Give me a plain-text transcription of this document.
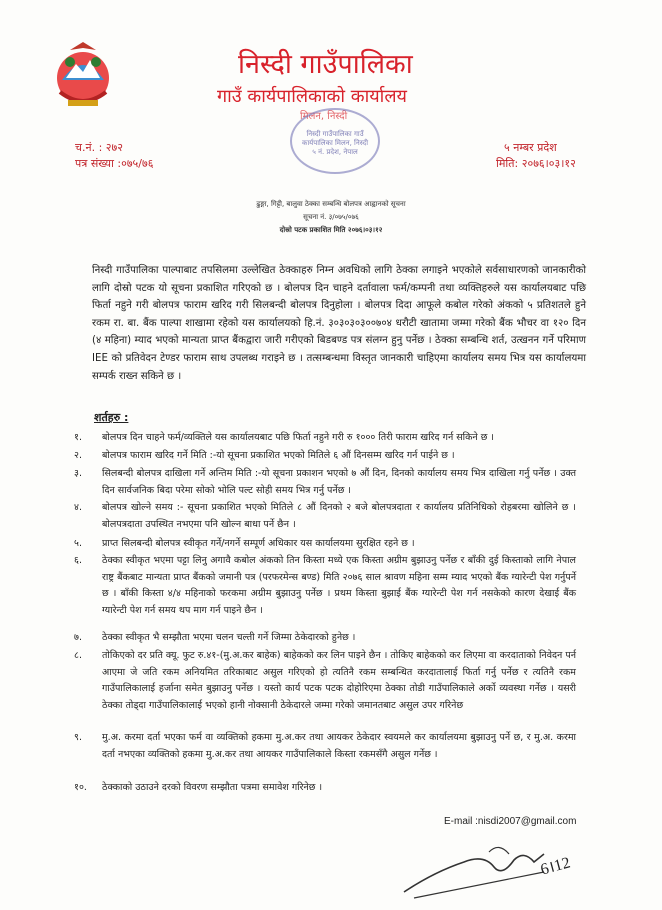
निस्दी गाउँपालिका
गाउँ कार्यपालिकाको कार्यालय
मिलन, निस्दी
निस्दी गाउँपालिका गाउँ कार्यपालिका मिलन, निस्दी ५ नं. प्रदेश, नेपाल
च.नं. : २७२
पत्र संख्या :०७५/७६
५ नम्बर प्रदेश
मिति: २०७६।०३।१२
ढुङ्गा, गिट्टी, बालुवा ठेक्का सम्बन्धि बोलपत्र आह्वानको सूचना
सूचना नं. ३/०७५/०७६
दोस्रो पटक प्रकाशित मिति २०७६।०३।१२
निस्दी गाउँपालिका पाल्पाबाट तपसिलमा उल्लेखित ठेक्काहरु निम्न अवधिको लागि ठेक्का लगाइने भएकोले सर्वसाधारणको जानकारीको लागि दोस्रो पटक यो सूचना प्रकाशित गरिएको छ । बोलपत्र दिन चाहने दर्तावाला फर्म/कम्पनी तथा व्यक्तिहरुले यस कार्यालयबाट पछि फिर्ता नहुने गरी बोलपत्र फाराम खरिद गरी सिलबन्दी बोलपत्र दिनुहोला । बोलपत्र दिदा आफूले कबोल गरेको अंकको ५ प्रतिशतले हुने रकम रा. बा. बैंक पाल्पा शाखामा रहेको यस कार्यालयको हि.नं. ३०३०३०३००७०४ धरौटी खातामा जम्मा गरेको बैंक भौचर वा १२० दिन (४ महिना) म्याद भएको मान्यता प्राप्त बैंकद्वारा जारी गरीएको बिडबण्ड पत्र संलग्न हुनु पर्नेछ । ठेक्का सम्बन्धि शर्त, उत्खनन गर्ने परिमाण IEE को प्रतिवेदन टेण्डर फाराम साथ उपलब्ध गराइने छ । तत्सम्बन्धमा विस्तृत जानकारी चाहिएमा कार्यालय समय भित्र यस कार्यालयमा सम्पर्क राख्न सकिने छ ।
शर्तहरु :
१.	बोलपत्र दिन चाहने फर्म/व्यक्तिले यस कार्यालयबाट पछि फिर्ता नहुने गरी रु १००० तिरी फाराम खरिद गर्न सकिने छ ।
२.	बोलपत्र फाराम खरिद गर्ने मिति :-यो सूचना प्रकाशित भएको मितिले ६ औं दिनसम्म खरिद गर्न पाईने छ ।
३.	सिलबन्दी बोलपत्र दाखिला गर्ने अन्तिम मिति :-यो सूचना प्रकाशन भएको ७ औं दिन, दिनको कार्यालय समय भित्र दाखिला गर्नु पर्नेछ । उक्त दिन सार्वजनिक बिदा परेमा सोको भोलि पल्ट सोही समय भित्र गर्नु पर्नेछ ।
४.	बोलपत्र खोल्ने समय :- सूचना प्रकाशित भएको मितिले ८ औं दिनको २ बजे बोलपत्रदाता र कार्यालय प्रतिनिधिको रोहबरमा खोलिने छ । बोलपत्रदाता उपस्थित नभएमा पनि खोल्न बाधा पर्ने छैन ।
५.	प्राप्त सिलबन्दी बोलपत्र स्वीकृत गर्ने/नगर्ने सम्पूर्ण अधिकार यस कार्यालयमा सुरक्षित रहने छ ।
६.	ठेक्का स्वीकृत भएमा पट्टा लिनु अगावै कबोल अंकको तिन किस्ता मध्ये एक किस्ता अग्रीम बुझाउनु पर्नेछ र बाँकी दुई किस्ताको लागि नेपाल राष्ट्र बैंकबाट मान्यता प्राप्त बैंकको जमानी पत्र (परफरमेन्स बण्ड) मिति २०७६ साल श्रावण महिना सम्म म्याद भएको बैंक ग्यारेन्टी पेश गर्नुपर्ने छ । बाँकी किस्ता ४/४ महिनाको फरकमा अग्रीम बुझाउनु पर्नेछ । प्रथम किस्ता बुझाई बैंक ग्यारेन्टी पेश गर्न नसकेको कारण देखाई बैंक ग्यारेन्टी पेश गर्न समय थप माग गर्न पाइने छैन ।
७.	ठेक्का स्वीकृत भै सम्झौता भएमा चलन चल्ती गर्ने जिम्मा ठेकेदारको हुनेछ ।
८.	तोकिएको दर प्रति क्यू. फुट रु.४१-(मु.अ.कर बाहेक) बाहेकको कर लिन पाइने छैन । तोकिए बाहेकको कर लिएमा वा करदाताको निवेदन पर्न आएमा जे जति रकम अनियमित तरिकाबाट असुल गरिएको हो त्यतिनै रकम सम्बन्धित करदातालाई फिर्ता गर्नु पर्नेछ र त्यतिनै रकम गाउँपालिकालाई हर्जाना समेत बुझाउनु पर्नेछ । यस्तो कार्य पटक पटक दोहोरिएमा ठेक्का तोडी गाउँपालिकाले अर्को व्यवस्था गर्नेछ । यसरी ठेक्का तोड्दा गाउँपालिकालाई भएको हानी नोक्सानी ठेकेदारले जम्मा गरेको जमानतबाट असुल उपर गरिनेछ
९.	मु.अ. करमा दर्ता भएका फर्म वा व्यक्तिको हकमा मु.अ.कर तथा आयकर ठेकेदार स्वयमले कर कार्यालयमा बुझाउनु पर्ने छ, र मु.अ. करमा दर्ता नभएका व्यक्तिको हकमा मु.अ.कर तथा आयकर गाउँपालिकाले किस्ता रकमसँगै असुल गर्नेछ ।
१०.	ठेक्काको उठाउने दरको विवरण सम्झौता पत्रमा समावेश गरिनेछ ।
E-mail :nisdi2007@gmail.com
6।12
